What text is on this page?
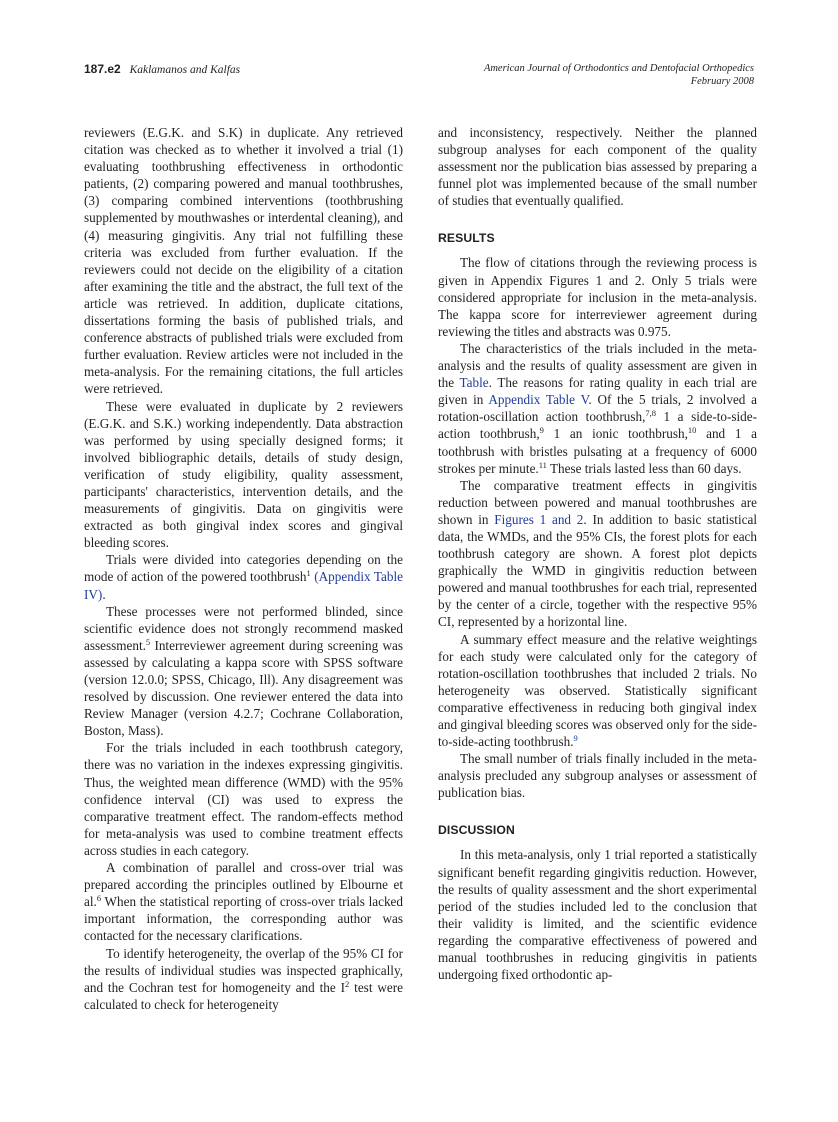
187.e2 Kaklamanos and Kalfas	American Journal of Orthodontics and Dentofacial Orthopedics
February 2008

reviewers (E.G.K. and S.K) in duplicate. Any retrieved citation was checked as to whether it involved a trial (1) evaluating toothbrushing effectiveness in orthodontic patients, (2) comparing powered and manual toothbrushes, (3) comparing combined interventions (toothbrushing supplemented by mouthwashes or interdental cleaning), and (4) measuring gingivitis. Any trial not fulfilling these criteria was excluded from further evaluation. If the reviewers could not decide on the eligibility of a citation after examining the title and the abstract, the full text of the article was retrieved. In addition, duplicate citations, dissertations forming the basis of published trials, and conference abstracts of published trials were excluded from further evaluation. Review articles were not included in the meta-analysis. For the remaining citations, the full articles were retrieved.

These were evaluated in duplicate by 2 reviewers (E.G.K. and S.K.) working independently. Data abstraction was performed by using specially designed forms; it involved bibliographic details, details of study design, verification of study eligibility, quality assessment, participants' characteristics, intervention details, and the measurements of gingivitis. Data on gingivitis were extracted as both gingival index scores and gingival bleeding scores.

Trials were divided into categories depending on the mode of action of the powered toothbrush$^1$ (Appendix Table IV).

These processes were not performed blinded, since scientific evidence does not strongly recommend masked assessment.$^5$ Interreviewer agreement during screening was assessed by calculating a kappa score with SPSS software (version 12.0.0; SPSS, Chicago, Ill). Any disagreement was resolved by discussion. One reviewer entered the data into Review Manager (version 4.2.7; Cochrane Collaboration, Boston, Mass).

For the trials included in each toothbrush category, there was no variation in the indexes expressing gingivitis. Thus, the weighted mean difference (WMD) with the 95% confidence interval (CI) was used to express the comparative treatment effect. The random-effects method for meta-analysis was used to combine treatment effects across studies in each category.

A combination of parallel and cross-over trial was prepared according the principles outlined by Elbourne et al.$^6$ When the statistical reporting of cross-over trials lacked important information, the corresponding author was contacted for the necessary clarifications.

To identify heterogeneity, the overlap of the 95% CI for the results of individual studies was inspected graphically, and the Cochran test for homogeneity and the $I^2$ test were calculated to check for heterogeneity

and inconsistency, respectively. Neither the planned subgroup analyses for each component of the quality assessment nor the publication bias assessed by preparing a funnel plot was implemented because of the small number of studies that eventually qualified.

RESULTS

The flow of citations through the reviewing process is given in Appendix Figures 1 and 2. Only 5 trials were considered appropriate for inclusion in the meta-analysis. The kappa score for interreviewer agreement during reviewing the titles and abstracts was 0.975.

The characteristics of the trials included in the meta-analysis and the results of quality assessment are given in the Table. The reasons for rating quality in each trial are given in Appendix Table V. Of the 5 trials, 2 involved a rotation-oscillation action toothbrush,$^{7,8}$ 1 a side-to-side-action toothbrush,$^9$ 1 an ionic toothbrush,$^{10}$ and 1 a toothbrush with bristles pulsating at a frequency of 6000 strokes per minute.$^{11}$ These trials lasted less than 60 days.

The comparative treatment effects in gingivitis reduction between powered and manual toothbrushes are shown in Figures 1 and 2. In addition to basic statistical data, the WMDs, and the 95% CIs, the forest plots for each toothbrush category are shown. A forest plot depicts graphically the WMD in gingivitis reduction between powered and manual toothbrushes for each trial, represented by the center of a circle, together with the respective 95% CI, represented by a horizontal line.

A summary effect measure and the relative weightings for each study were calculated only for the category of rotation-oscillation toothbrushes that included 2 trials. No heterogeneity was observed. Statistically significant comparative effectiveness in reducing both gingival index and gingival bleeding scores was observed only for the side-to-side-acting toothbrush.$^9$

The small number of trials finally included in the meta-analysis precluded any subgroup analyses or assessment of publication bias.

DISCUSSION

In this meta-analysis, only 1 trial reported a statistically significant benefit regarding gingivitis reduction. However, the results of quality assessment and the short experimental period of the studies included led to the conclusion that their validity is limited, and the scientific evidence regarding the comparative effectiveness of powered and manual toothbrushes in reducing gingivitis in patients undergoing fixed orthodontic ap-
